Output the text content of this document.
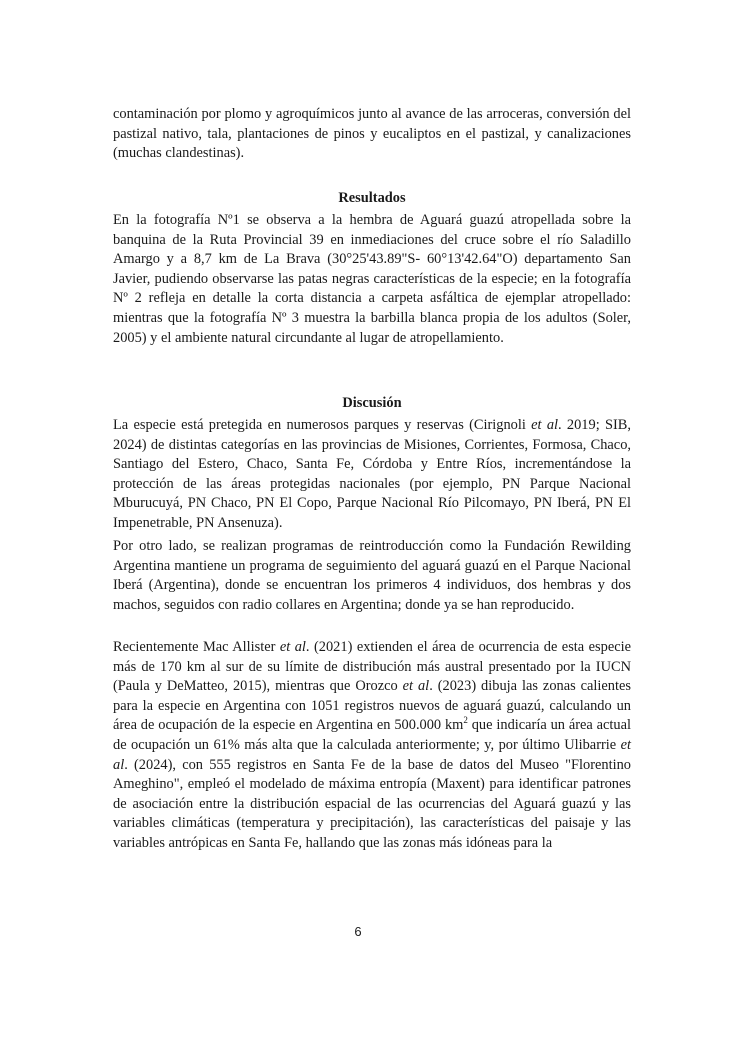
contaminación por plomo y agroquímicos junto al avance de las arroceras, conversión del pastizal nativo, tala, plantaciones de pinos y eucaliptos en el pastizal, y canalizaciones (muchas clandestinas).

Resultados

En la fotografía Nº1 se observa a la hembra de Aguará guazú atropellada sobre la banquina de la Ruta Provincial 39 en inmediaciones del cruce sobre el río Saladillo Amargo y a 8,7 km de La Brava (30°25'43.89"S- 60°13'42.64"O) departamento San Javier, pudiendo observarse las patas negras características de la especie; en la fotografía Nº 2 refleja en detalle la corta distancia a carpeta asfáltica de ejemplar atropellado: mientras que la fotografía Nº 3 muestra la barbilla blanca propia de los adultos (Soler, 2005) y el ambiente natural circundante al lugar de atropellamiento.

Discusión

La especie está pretegida en numerosos parques y reservas (Cirignoli et al. 2019; SIB, 2024) de distintas categorías en las provincias de Misiones, Corrientes, Formosa, Chaco, Santiago del Estero, Chaco, Santa Fe, Córdoba y Entre Ríos, incrementándose la protección de las áreas protegidas nacionales (por ejemplo, PN Parque Nacional Mburucuyá, PN Chaco, PN El Copo, Parque Nacional Río Pilcomayo, PN Iberá, PN El Impenetrable, PN Ansenuza).

Por otro lado, se realizan programas de reintroducción como la Fundación Rewilding Argentina mantiene un programa de seguimiento del aguará guazú en el Parque Nacional Iberá (Argentina), donde se encuentran los primeros 4 individuos, dos hembras y dos machos, seguidos con radio collares en Argentina; donde ya se han reproducido.

Recientemente Mac Allister et al. (2021) extienden el área de ocurrencia de esta especie más de 170 km al sur de su límite de distribución más austral presentado por la IUCN (Paula y DeMatteo, 2015), mientras que Orozco et al. (2023) dibuja las zonas calientes para la especie en Argentina con 1051 registros nuevos de aguará guazú, calculando un área de ocupación de la especie en Argentina en 500.000 $km^2$ que indicaría un área actual de ocupación un 61% más alta que la calculada anteriormente; y, por último Ulibarrie et al. (2024), con 555 registros en Santa Fe de la base de datos del Museo "Florentino Ameghino", empleó el modelado de máxima entropía (Maxent) para identificar patrones de asociación entre la distribución espacial de las ocurrencias del Aguará guazú y las variables climáticas (temperatura y precipitación), las características del paisaje y las variables antrópicas en Santa Fe, hallando que las zonas más idóneas para la

6
